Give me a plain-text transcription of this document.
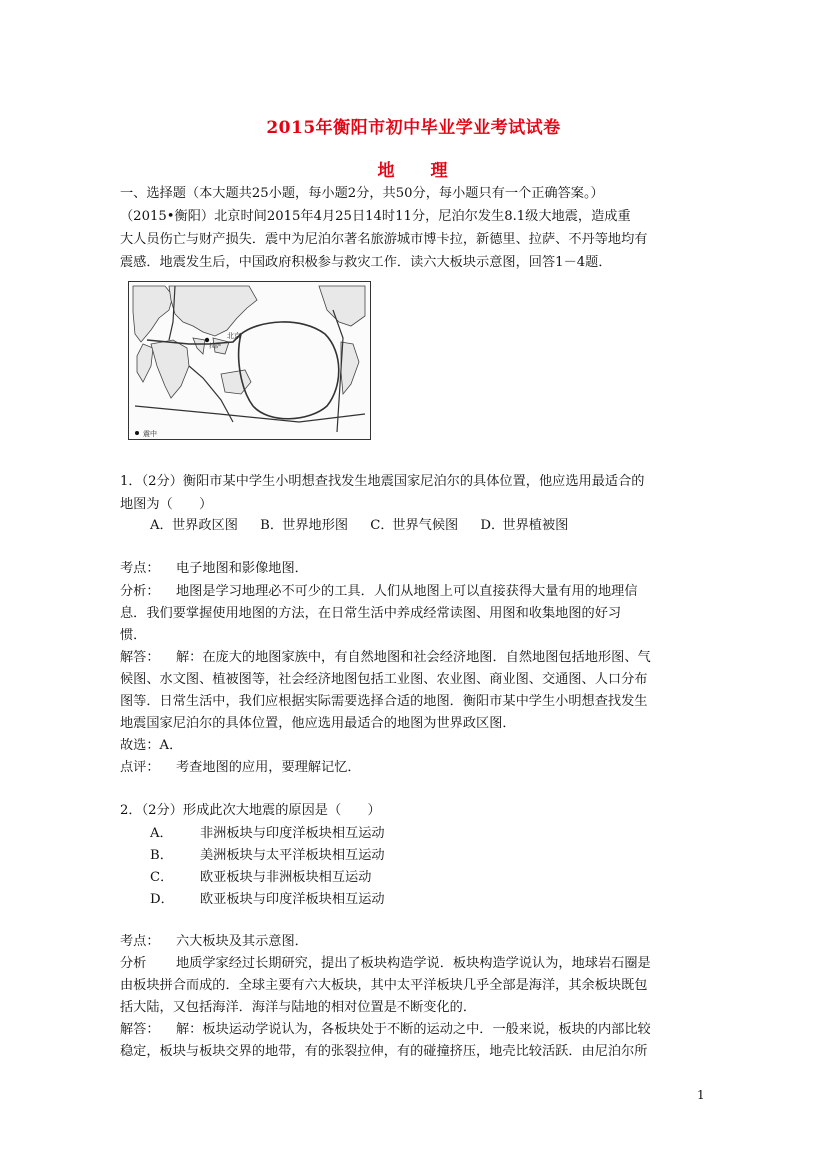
2015年衡阳市初中毕业学业考试试卷
地 理
一、选择题（本大题共25小题，每小题2分，共50分，每小题只有一个正确答案。）
（2015•衡阳）北京时间2015年4月25日14时11分，尼泊尔发生8.1级大地震，造成重
大人员伤亡与财产损失．震中为尼泊尔著名旅游城市博卡拉，新德里、拉萨、不丹等地均有
震感．地震发生后，中国政府积极参与救灾工作．读六大板块示意图，回答1－4题．
北京
拉萨
震中
1．（2分）衡阳市某中学生小明想查找发生地震国家尼泊尔的具体位置，他应选用最适合的
地图为（　　）
A．世界政区图 B．世界地形图 C．世界气候图 D．世界植被图
考点： 电子地图和影像地图．
分析： 地图是学习地理必不可少的工具．人们从地图上可以直接获得大量有用的地理信
息．我们要掌握使用地图的方法，在日常生活中养成经常读图、用图和收集地图的好习
惯．
解答： 解：在庞大的地图家族中，有自然地图和社会经济地图．自然地图包括地形图、气
候图、水文图、植被图等，社会经济地图包括工业图、农业图、商业图、交通图、人口分布
图等．日常生活中，我们应根据实际需要选择合适的地图．衡阳市某中学生小明想查找发生
地震国家尼泊尔的具体位置，他应选用最适合的地图为世界政区图．
故选：A．
点评： 考查地图的应用，要理解记忆．
2．（2分）形成此次大地震的原因是（　　）
A． 非洲板块与印度洋板块相互运动
B． 美洲板块与太平洋板块相互运动
C． 欧亚板块与非洲板块相互运动
D． 欧亚板块与印度洋板块相互运动
考点： 六大板块及其示意图．
分析 地质学家经过长期研究，提出了板块构造学说．板块构造学说认为，地球岩石圈是
由板块拼合而成的．全球主要有六大板块，其中太平洋板块几乎全部是海洋，其余板块既包
括大陆，又包括海洋．海洋与陆地的相对位置是不断变化的．
解答： 解：板块运动学说认为，各板块处于不断的运动之中．一般来说，板块的内部比较
稳定，板块与板块交界的地带，有的张裂拉伸，有的碰撞挤压，地壳比较活跃．由尼泊尔所
1
